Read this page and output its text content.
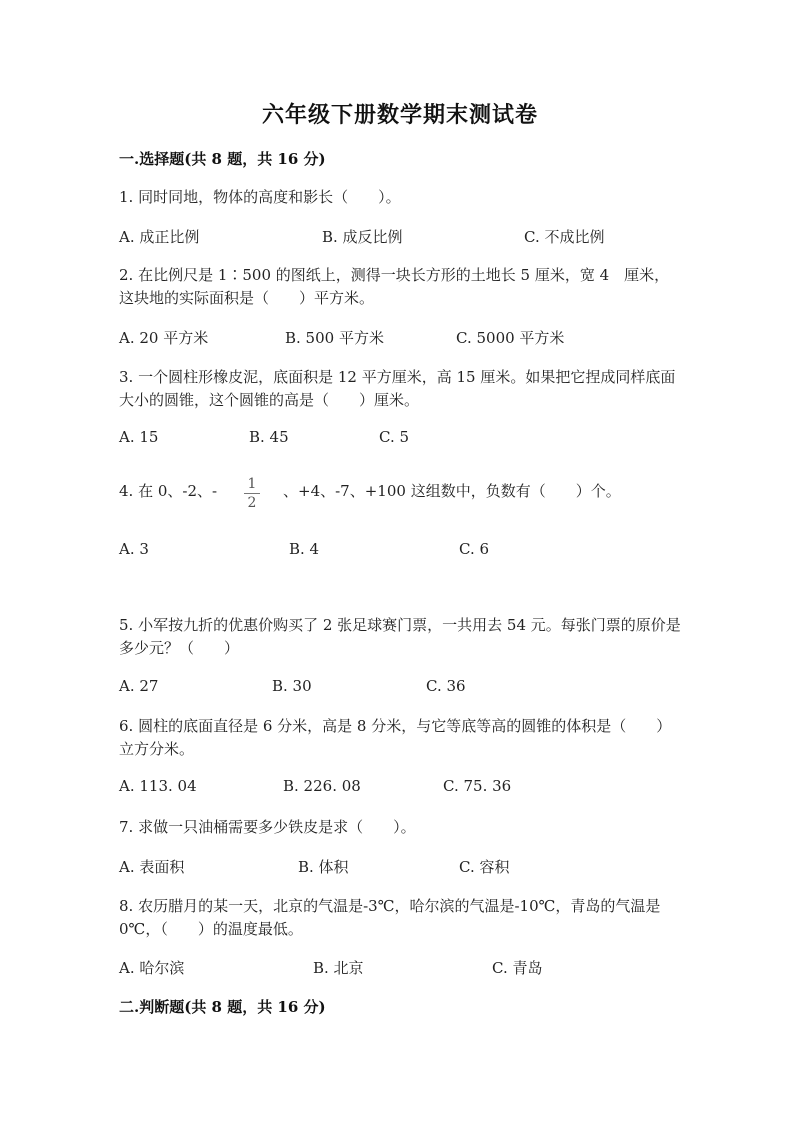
六年级下册数学期末测试卷
一.选择题(共 8 题，共 16 分)
1. 同时同地，物体的高度和影长（　　）。
A. 成正比例	B. 成反比例	C. 不成比例
2. 在比例尺是 1∶500 的图纸上，测得一块长方形的土地长 5 厘米，宽 4　厘米，这块地的实际面积是（　　）平方米。
A. 20 平方米	B. 500 平方米	C. 5000 平方米
3. 一个圆柱形橡皮泥，底面积是 12 平方厘米，高 15 厘米。如果把它捏成同样底面大小的圆锥，这个圆锥的高是（　　）厘米。
A. 15	B. 45	C. 5
4. 在 0、-2、-	1
2
、+4、-7、+100 这组数中，负数有（　　）个。
A. 3	B. 4	C. 6
5. 小军按九折的优惠价购买了 2 张足球赛门票，一共用去 54 元。每张门票的原价是多少元？（　　）
A. 27	B. 30	C. 36
6. 圆柱的底面直径是 6 分米，高是 8 分米，与它等底等高的圆锥的体积是（　　）立方分米。
A. 113. 04	B. 226. 08	C. 75. 36
7. 求做一只油桶需要多少铁皮是求（　　）。
A. 表面积	B. 体积	C. 容积
8. 农历腊月的某一天，北京的气温是-3℃，哈尔滨的气温是-10℃，青岛的气温是 0℃，（　　）的温度最低。
A. 哈尔滨	B. 北京	C. 青岛
二.判断题(共 8 题，共 16 分)
